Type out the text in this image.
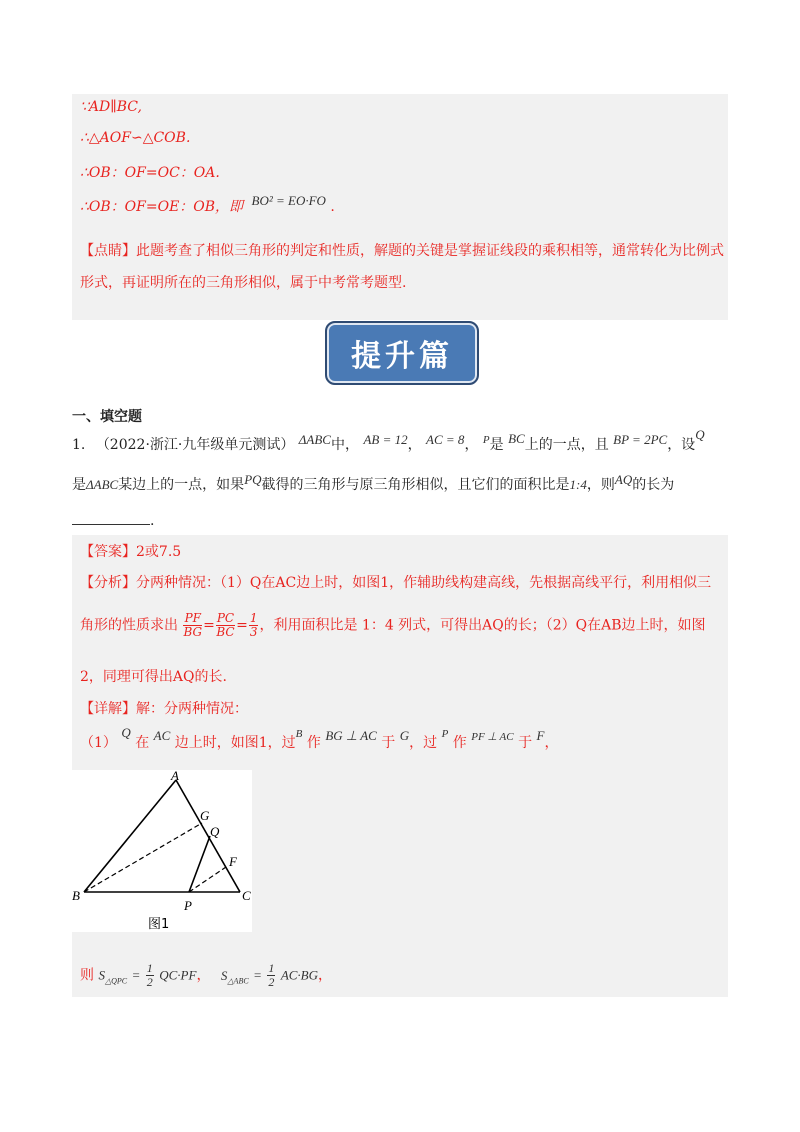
∵AD∥BC,
∴△AOF∽△COB.
∴OB：OF=OC：OA.
∴OB：OF=OE：OB，即 BO² = EO·FO .
【点睛】此题考查了相似三角形的判定和性质，解题的关键是掌握证线段的乘积相等，通常转化为比例式
形式，再证明所在的三角形相似，属于中考常考题型.
提升篇
一、填空题
1. （2022·浙江·九年级单元测试） ΔABC中， AB = 12， AC = 8， $^P$是 BC上的一点，且 BP = 2PC，设Q
是ΔABC某边上的一点，如果PQ截得的三角形与原三角形相似，且它们的面积比是1:4，则AQ的长为
.
【答案】2或7.5
【分析】分两种情况：（1）Q在AC边上时，如图1，作辅助线构建高线，先根据高线平行，利用相似三
角形的性质求出 $\frac{PF}{BG} = \frac{PC}{BC} = \frac{1}{3}$ ，利用面积比是 1：4 列式，可得出AQ的长；（2）Q在AB边上时，如图
2，同理可得出AQ的长.
【详解】解：分两种情况：
（1） Q 在 AC 边上时，如图1，过$^B$ 作 BG ⊥ AC 于 G，过 $^P$ 作 $^{PF \perp AC}$ 于 F，
A
B	C
G
Q
F
P
图1
则 $S_{\triangle QPC} = \frac{1}{2} QC\cdot PF$， $S_{\triangle ABC} = \frac{1}{2} AC\cdot BG$，
